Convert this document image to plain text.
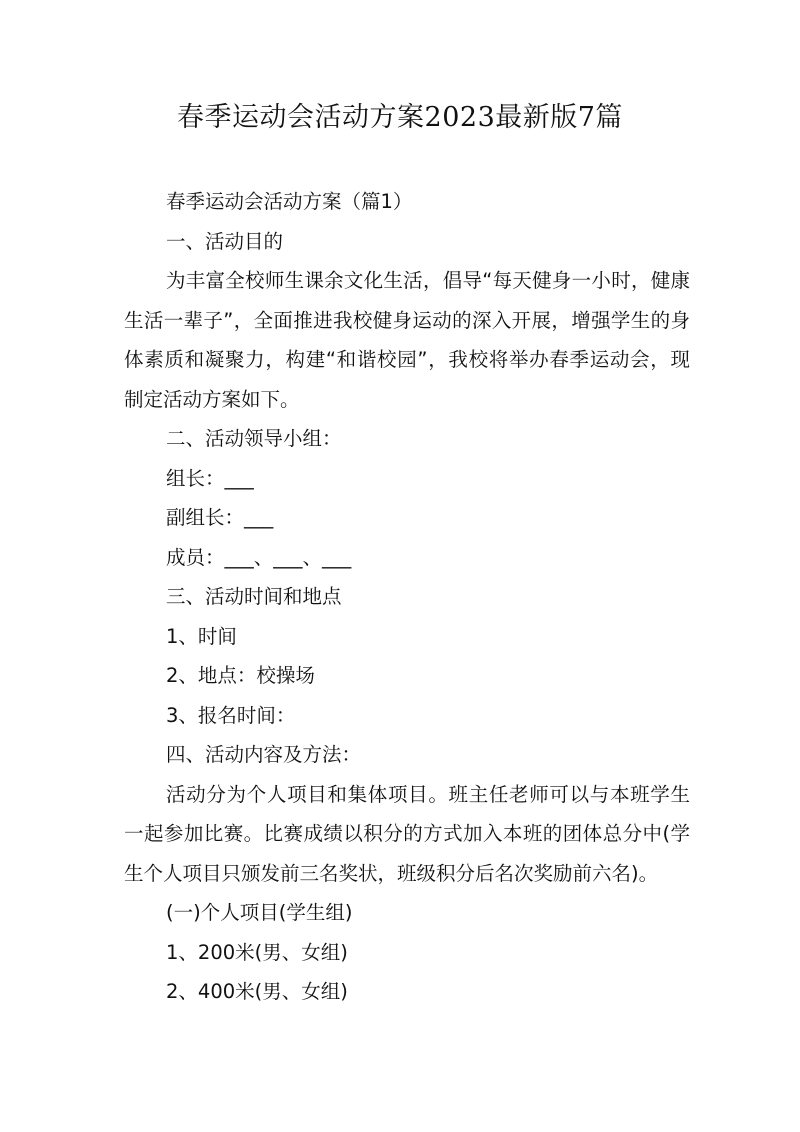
春季运动会活动方案2023最新版7篇

春季运动会活动方案（篇1）

一、活动目的

为丰富全校师生课余文化生活，倡导“每天健身一小时，健康生活一辈子”，全面推进我校健身运动的深入开展，增强学生的身体素质和凝聚力，构建“和谐校园”，我校将举办春季运动会，现制定活动方案如下。

二、活动领导小组：

组长：___

副组长：___

成员：___、___、___

三、活动时间和地点

1、时间

2、地点：校操场

3、报名时间：

四、活动内容及方法：

活动分为个人项目和集体项目。班主任老师可以与本班学生一起参加比赛。比赛成绩以积分的方式加入本班的团体总分中(学生个人项目只颁发前三名奖状，班级积分后名次奖励前六名)。

(一)个人项目(学生组)

1、200米(男、女组)

2、400米(男、女组)
